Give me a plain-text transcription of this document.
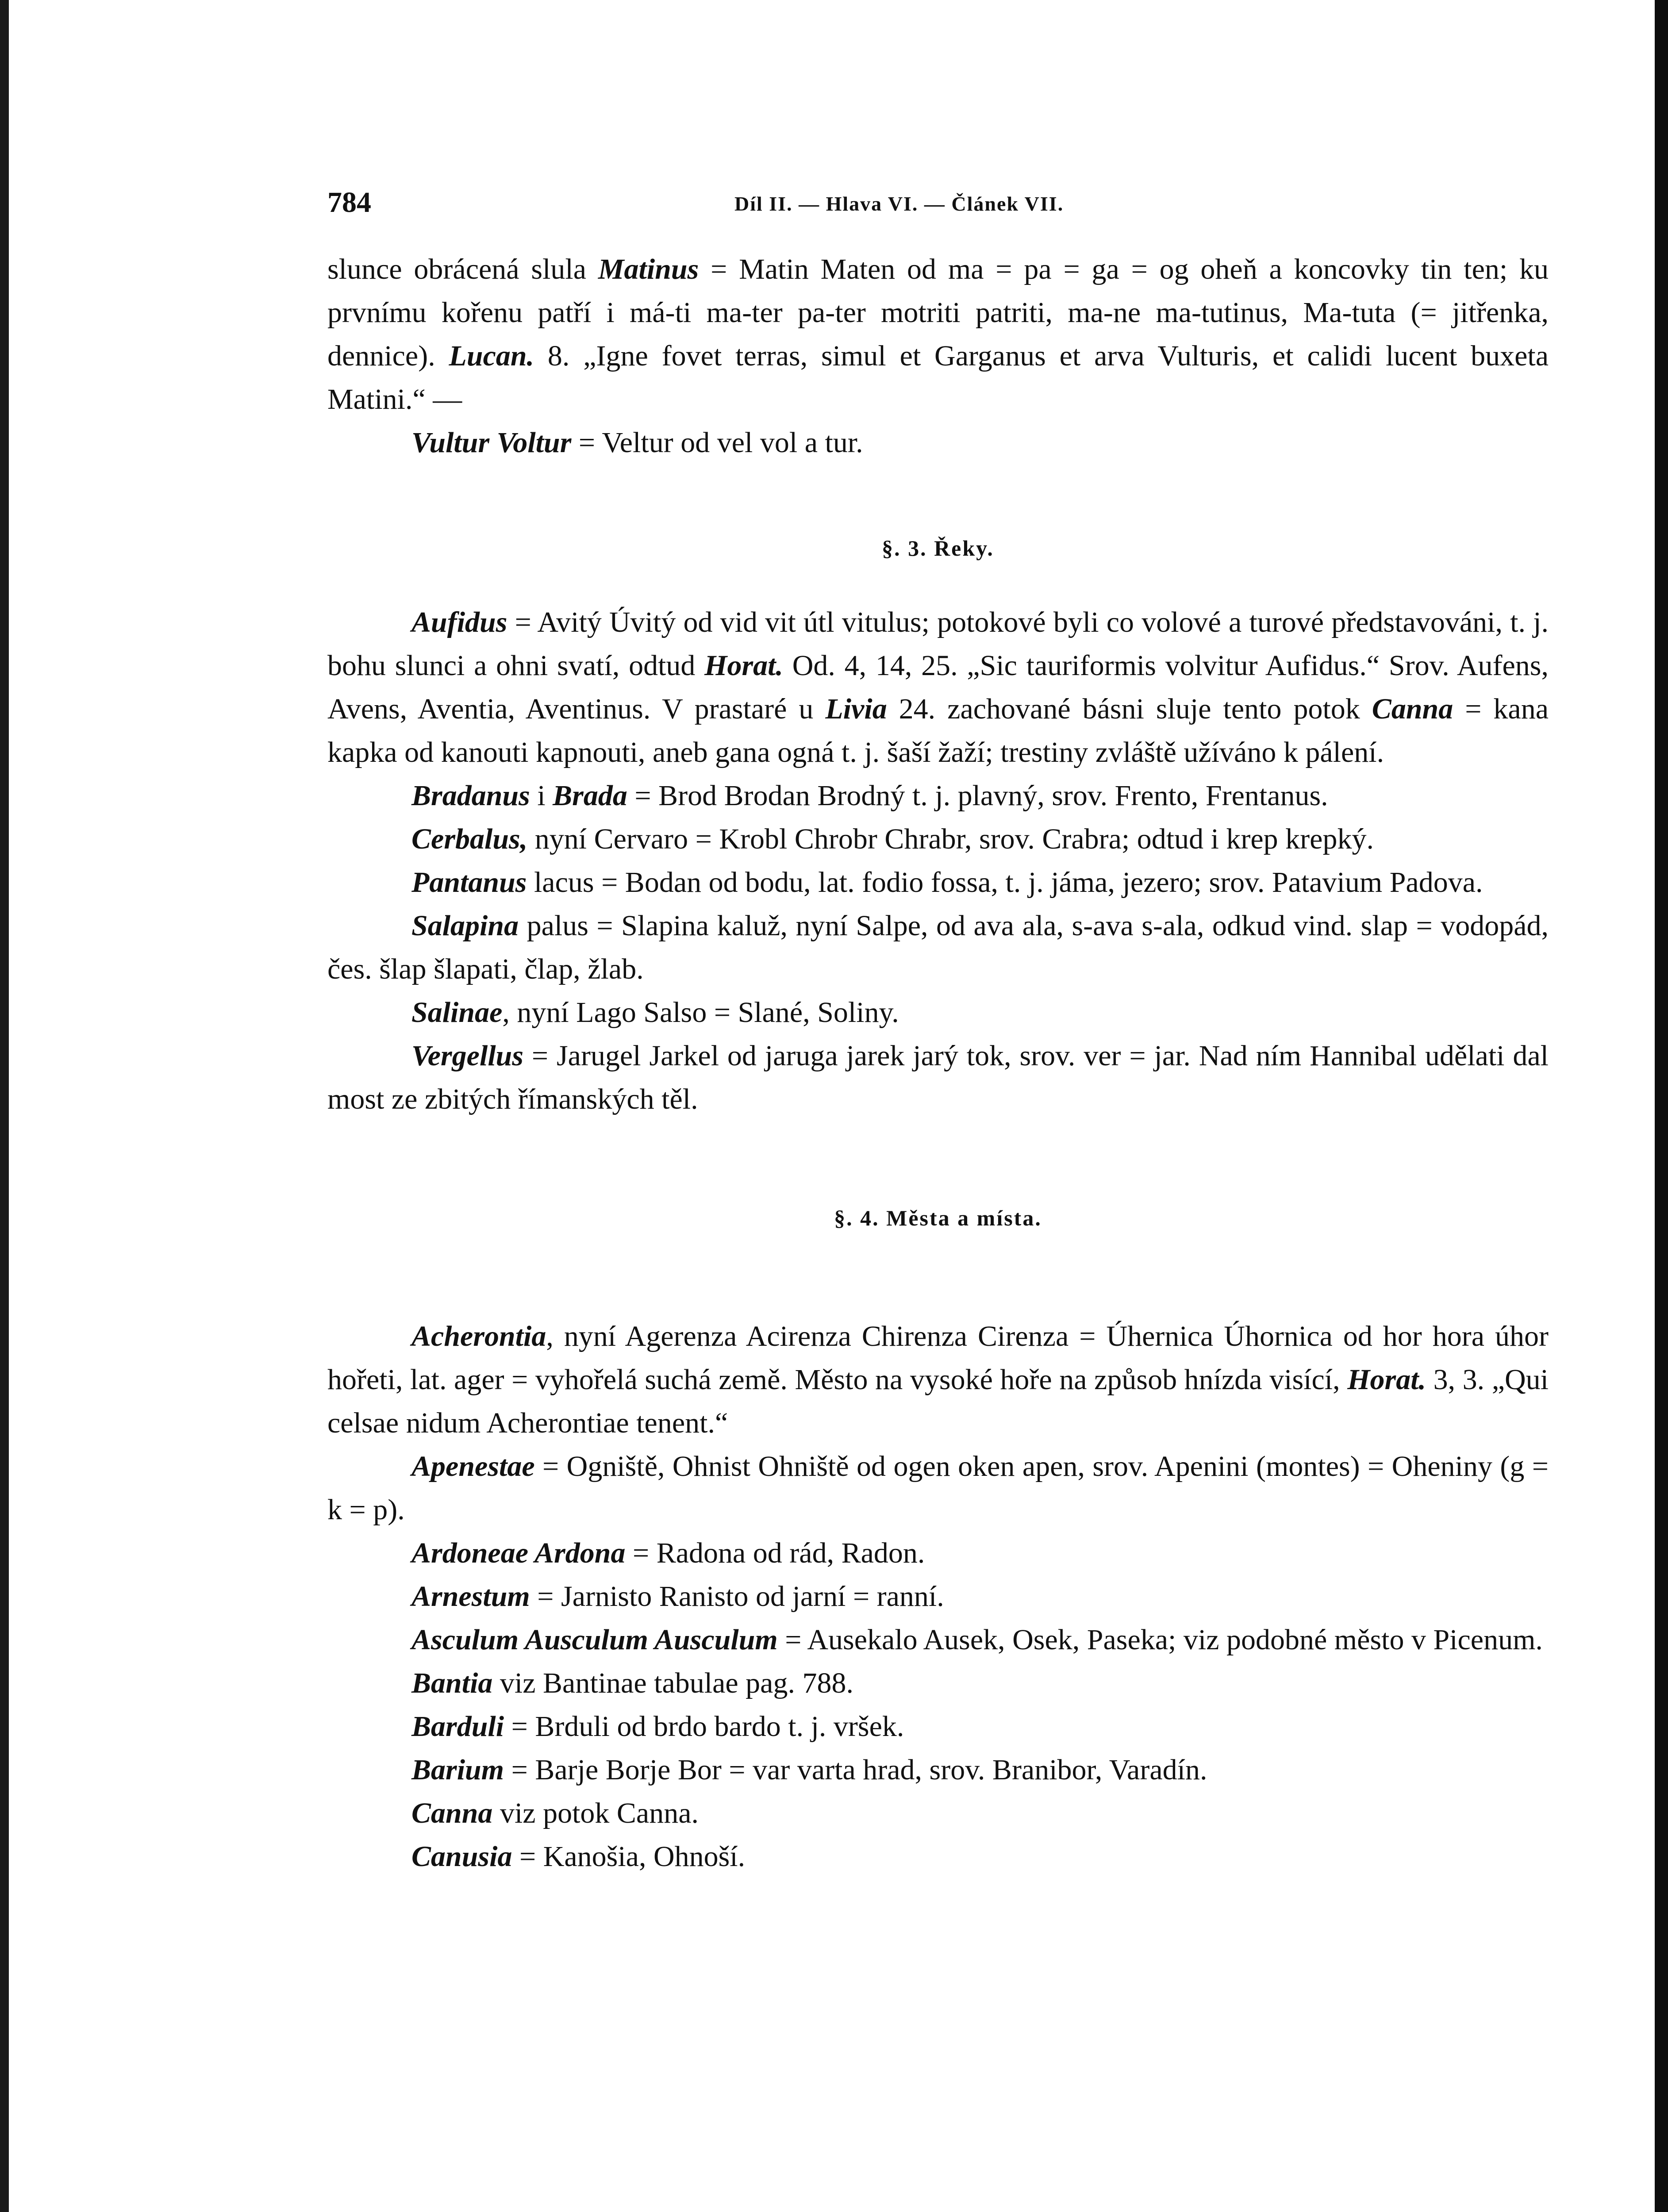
784	Díl II. — Hlava VI. — Článek VII.

slunce obrácená slula Matinus = Matin Maten od ma = pa = ga = og oheň a koncovky tin ten; ku prvnímu kořenu patří i má-ti ma-ter pa-ter motriti patriti, ma-ne ma-tutinus, Ma-tuta (= jitřenka, dennice). Lucan. 8. „Igne fovet terras, simul et Garganus et arva Vulturis, et calidi lucent buxeta Matini.“ —

Vultur Voltur = Veltur od vel vol a tur.

§. 3. Řeky.

Aufidus = Avitý Úvitý od vid vit útl vitulus; potokové byli co volové a turové představováni, t. j. bohu slunci a ohni svatí, odtud Horat. Od. 4, 14, 25. „Sic tauriformis volvitur Aufidus.“ Srov. Aufens, Avens, Aventia, Aventinus. V prastaré u Livia 24. zachované básni sluje tento potok Canna = kana kapka od kanouti kapnouti, aneb gana ogná t. j. šaší žaží; trestiny zvláště užíváno k pálení.

Bradanus i Brada = Brod Brodan Brodný t. j. plavný, srov. Frento, Frentanus.

Cerbalus, nyní Cervaro = Krobl Chrobr Chrabr, srov. Crabra; odtud i krep krepký.

Pantanus lacus = Bodan od bodu, lat. fodio fossa, t. j. jáma, jezero; srov. Patavium Padova.

Salapina palus = Slapina kaluž, nyní Salpe, od ava ala, s-ava s-ala, odkud vind. slap = vodopád, čes. šlap šlapati, člap, žlab.

Salinae, nyní Lago Salso = Slané, Soliny.

Vergellus = Jarugel Jarkel od jaruga jarek jarý tok, srov. ver = jar. Nad ním Hannibal udělati dal most ze zbitých římanských těl.

§. 4. Města a místa.

Acherontia, nyní Agerenza Acirenza Chirenza Cirenza = Úhernica Úhornica od hor hora úhor hořeti, lat. ager = vyhořelá suchá země. Město na vysoké hoře na způsob hnízda visící, Horat. 3, 3. „Qui celsae nidum Acherontiae tenent.“

Apenestae = Ogniště, Ohnist Ohniště od ogen oken apen, srov. Apenini (montes) = Oheniny (g = k = p).

Ardoneae Ardona = Radona od rád, Radon.

Arnestum = Jarnisto Ranisto od jarní = ranní.

Asculum Ausculum Ausculum = Ausekalo Ausek, Osek, Paseka; viz podobné město v Picenum.

Bantia viz Bantinae tabulae pag. 788.

Barduli = Brduli od brdo bardo t. j. vršek.

Barium = Barje Borje Bor = var varta hrad, srov. Branibor, Varadín.

Canna viz potok Canna.

Canusia = Kanošia, Ohnoší.
